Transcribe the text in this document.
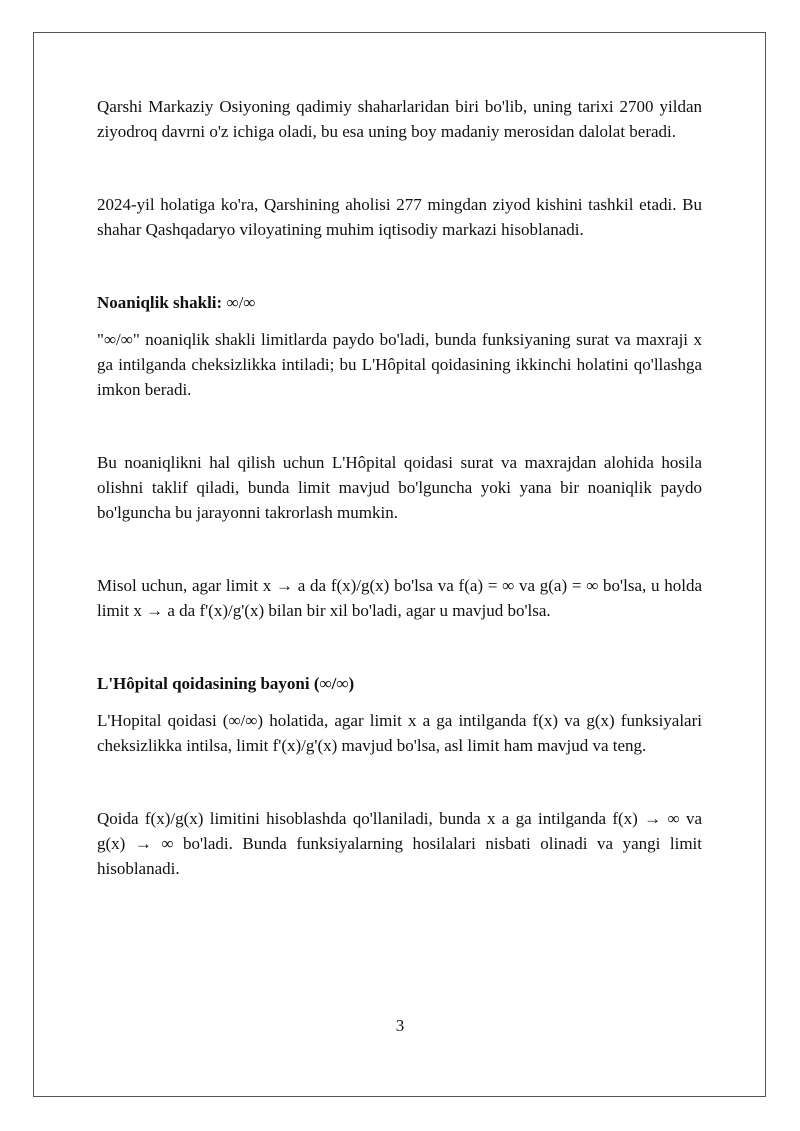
Qarshi Markaziy Osiyoning qadimiy shaharlaridan biri bo'lib, uning tarixi 2700 yildan ziyodroq davrni o'z ichiga oladi, bu esa uning boy madaniy merosidan dalolat beradi.

2024-yil holatiga ko'ra, Qarshining aholisi 277 mingdan ziyod kishini tashkil etadi. Bu shahar Qashqadaryo viloyatining muhim iqtisodiy markazi hisoblanadi.

Noaniqlik shakli: ∞/∞

"∞/∞" noaniqlik shakli limitlarda paydo bo'ladi, bunda funksiyaning surat va maxraji x ga intilganda cheksizlikka intiladi; bu L'Hôpital qoidasining ikkinchi holatini qo'llashga imkon beradi.

Bu noaniqlikni hal qilish uchun L'Hôpital qoidasi surat va maxrajdan alohida hosila olishni taklif qiladi, bunda limit mavjud bo'lguncha yoki yana bir noaniqlik paydo bo'lguncha bu jarayonni takrorlash mumkin.

Misol uchun, agar limit x → a da f(x)/g(x) bo'lsa va f(a) = ∞ va g(a) = ∞ bo'lsa, u holda limit x → a da f'(x)/g'(x) bilan bir xil bo'ladi, agar u mavjud bo'lsa.

L'Hôpital qoidasining bayoni (∞/∞)

L'Hopital qoidasi (∞/∞) holatida, agar limit x a ga intilganda f(x) va g(x) funksiyalari cheksizlikka intilsa, limit f'(x)/g'(x) mavjud bo'lsa, asl limit ham mavjud va teng.

Qoida f(x)/g(x) limitini hisoblashda qo'llaniladi, bunda x a ga intilganda f(x) → ∞ va g(x) → ∞ bo'ladi. Bunda funksiyalarning hosilalari nisbati olinadi va yangi limit hisoblanadi.

3
